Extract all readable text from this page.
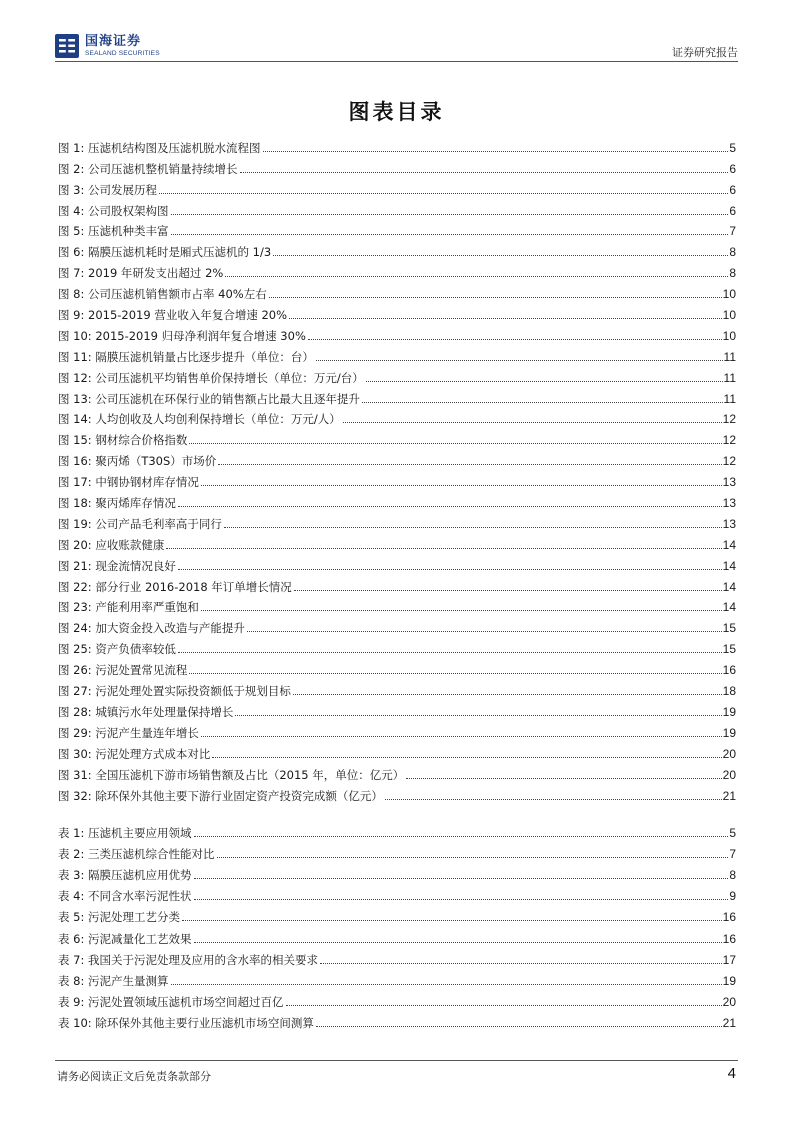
国海证券
SEALAND SECURITIES	证券研究报告
图表目录
图 1: 压滤机结构图及压滤机脱水流程图	5
图 2: 公司压滤机整机销量持续增长	6
图 3: 公司发展历程	6
图 4: 公司股权架构图	6
图 5: 压滤机种类丰富	7
图 6: 隔膜压滤机耗时是厢式压滤机的 1/3	8
图 7: 2019 年研发支出超过 2%	8
图 8: 公司压滤机销售额市占率 40%左右	10
图 9: 2015-2019 营业收入年复合增速 20%	10
图 10: 2015-2019 归母净利润年复合增速 30%	10
图 11: 隔膜压滤机销量占比逐步提升（单位：台）	11
图 12: 公司压滤机平均销售单价保持增长（单位：万元/台）	11
图 13: 公司压滤机在环保行业的销售额占比最大且逐年提升	11
图 14: 人均创收及人均创利保持增长（单位：万元/人）	12
图 15: 钢材综合价格指数	12
图 16: 聚丙烯（T30S）市场价	12
图 17: 中钢协钢材库存情况	13
图 18: 聚丙烯库存情况	13
图 19: 公司产品毛利率高于同行	13
图 20: 应收账款健康	14
图 21: 现金流情况良好	14
图 22: 部分行业 2016-2018 年订单增长情况	14
图 23: 产能利用率严重饱和	14
图 24: 加大资金投入改造与产能提升	15
图 25: 资产负债率较低	15
图 26: 污泥处置常见流程	16
图 27: 污泥处理处置实际投资额低于规划目标	18
图 28: 城镇污水年处理量保持增长	19
图 29: 污泥产生量连年增长	19
图 30: 污泥处理方式成本对比	20
图 31: 全国压滤机下游市场销售额及占比（2015 年，单位：亿元）	20
图 32: 除环保外其他主要下游行业固定资产投资完成额（亿元）	21
表 1: 压滤机主要应用领域	5
表 2: 三类压滤机综合性能对比	7
表 3: 隔膜压滤机应用优势	8
表 4: 不同含水率污泥性状	9
表 5: 污泥处理工艺分类	16
表 6: 污泥减量化工艺效果	16
表 7: 我国关于污泥处理及应用的含水率的相关要求	17
表 8: 污泥产生量测算	19
表 9: 污泥处置领域压滤机市场空间超过百亿	20
表 10: 除环保外其他主要行业压滤机市场空间测算	21
请务必阅读正文后免责条款部分	4
